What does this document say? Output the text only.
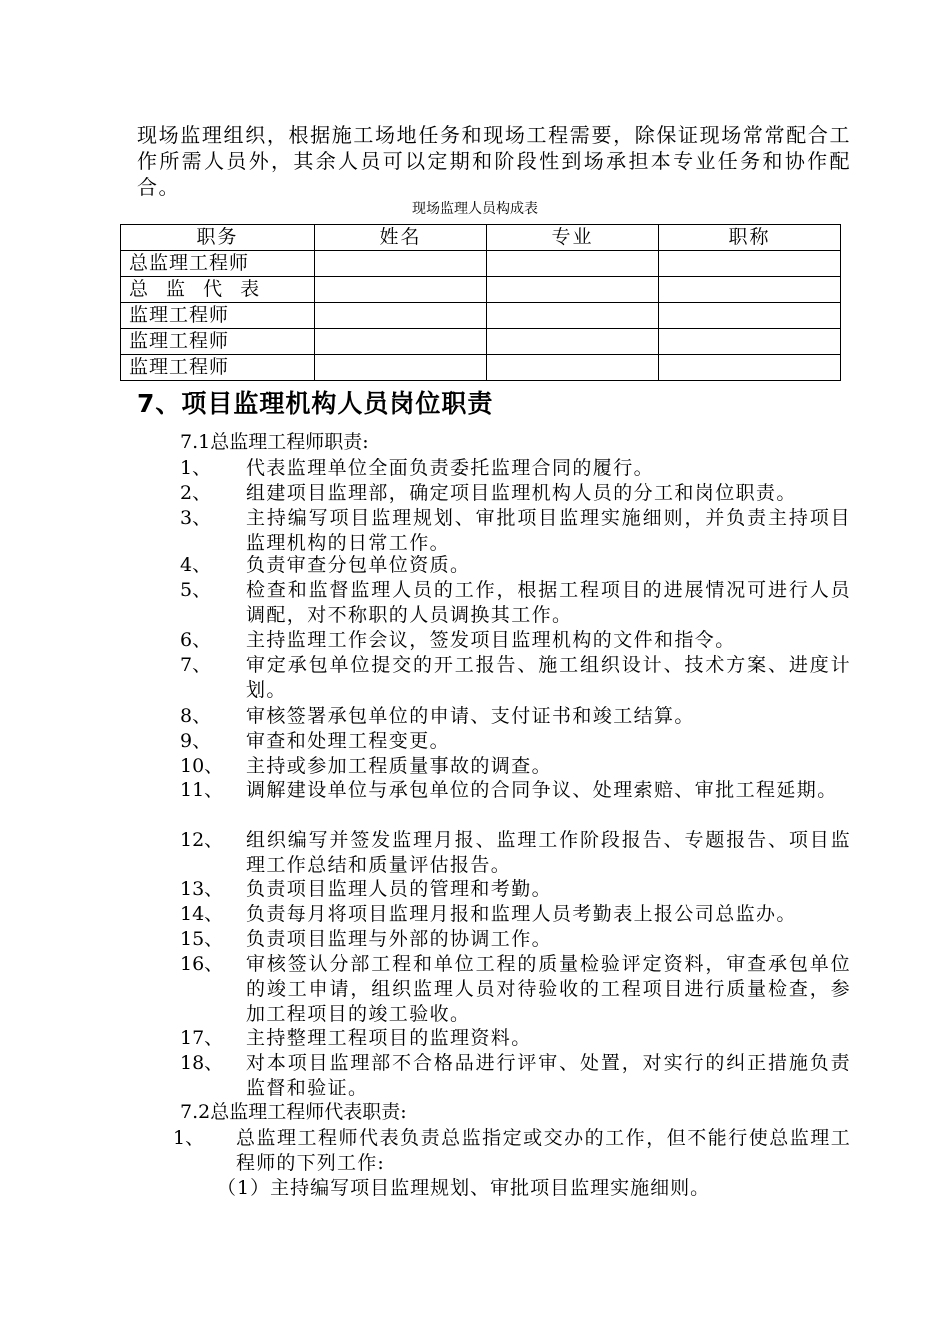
现场监理组织，根据施工场地任务和现场工程需要，除保证现场常常配合工作所需人员外，其余人员可以定期和阶段性到场承担本专业任务和协作配合。

现场监理人员构成表
职务	姓名	专业	职称
总监理工程师			
总 监 代 表			
监理工程师			
监理工程师			
监理工程师			
7、项目监理机构人员岗位职责
7.1总监理工程师职责:
1、	代表监理单位全面负责委托监理合同的履行。
2、	组建项目监理部，确定项目监理机构人员的分工和岗位职责。
3、	主持编写项目监理规划、审批项目监理实施细则，并负责主持项目监理机构的日常工作。
4、	负责审查分包单位资质。
5、	检查和监督监理人员的工作，根据工程项目的进展情况可进行人员调配，对不称职的人员调换其工作。
6、	主持监理工作会议，签发项目监理机构的文件和指令。
7、	审定承包单位提交的开工报告、施工组织设计、技术方案、进度计划。
8、	审核签署承包单位的申请、支付证书和竣工结算。
9、	审查和处理工程变更。
10、	主持或参加工程质量事故的调查。
11、	调解建设单位与承包单位的合同争议、处理索赔、审批工程延期。
12、	组织编写并签发监理月报、监理工作阶段报告、专题报告、项目监理工作总结和质量评估报告。
13、	负责项目监理人员的管理和考勤。
14、	负责每月将项目监理月报和监理人员考勤表上报公司总监办。
15、	负责项目监理与外部的协调工作。
16、	审核签认分部工程和单位工程的质量检验评定资料，审查承包单位的竣工申请，组织监理人员对待验收的工程项目进行质量检查，参加工程项目的竣工验收。
17、	主持整理工程项目的监理资料。
18、	对本项目监理部不合格品进行评审、处置，对实行的纠正措施负责监督和验证。
7.2总监理工程师代表职责:
1、 总监理工程师代表负责总监指定或交办的工作，但不能行使总监理工程师的下列工作:
（1）主持编写项目监理规划、审批项目监理实施细则。
